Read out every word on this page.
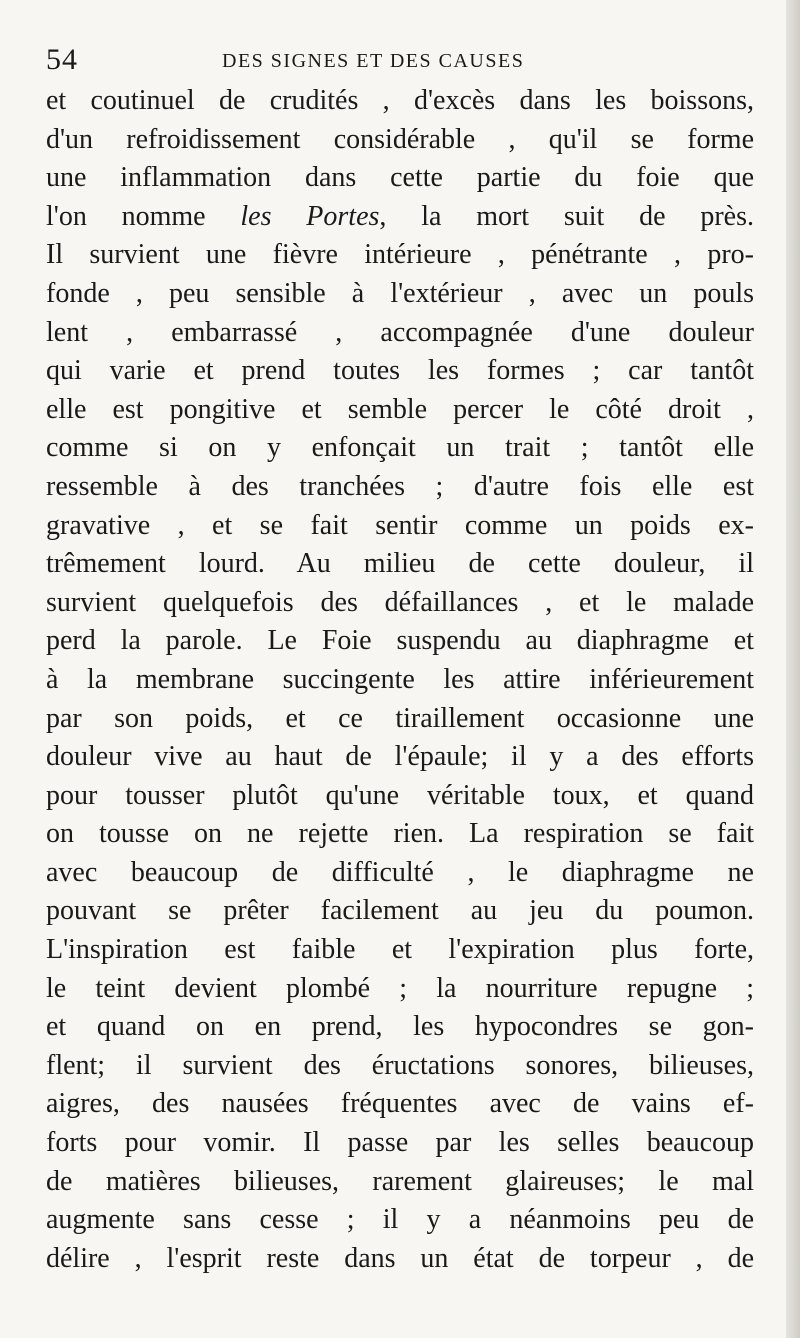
54	DES SIGNES ET DES CAUSES
et coutinuel de crudités , d'excès dans les boissons,
d'un refroidissement considérable , qu'il se forme
une inflammation dans cette partie du foie que
l'on nomme les Portes, la mort suit de près.
Il survient une fièvre intérieure , pénétrante , pro-
fonde , peu sensible à l'extérieur , avec un pouls
lent , embarrassé , accompagnée d'une douleur
qui varie et prend toutes les formes ; car tantôt
elle est pongitive et semble percer le côté droit ,
comme si on y enfonçait un trait ; tantôt elle
ressemble à des tranchées ; d'autre fois elle est
gravative , et se fait sentir comme un poids ex-
trêmement lourd. Au milieu de cette douleur, il
survient quelquefois des défaillances , et le malade
perd la parole. Le Foie suspendu au diaphragme et
à la membrane succingente les attire inférieurement
par son poids, et ce tiraillement occasionne une
douleur vive au haut de l'épaule; il y a des efforts
pour tousser plutôt qu'une véritable toux, et quand
on tousse on ne rejette rien. La respiration se fait
avec beaucoup de difficulté , le diaphragme ne
pouvant se prêter facilement au jeu du poumon.
L'inspiration est faible et l'expiration plus forte,
le teint devient plombé ; la nourriture repugne ;
et quand on en prend, les hypocondres se gon-
flent; il survient des éructations sonores, bilieuses,
aigres, des nausées fréquentes avec de vains ef-
forts pour vomir. Il passe par les selles beaucoup
de matières bilieuses, rarement glaireuses; le mal
augmente sans cesse ; il y a néanmoins peu de
délire , l'esprit reste dans un état de torpeur , de
